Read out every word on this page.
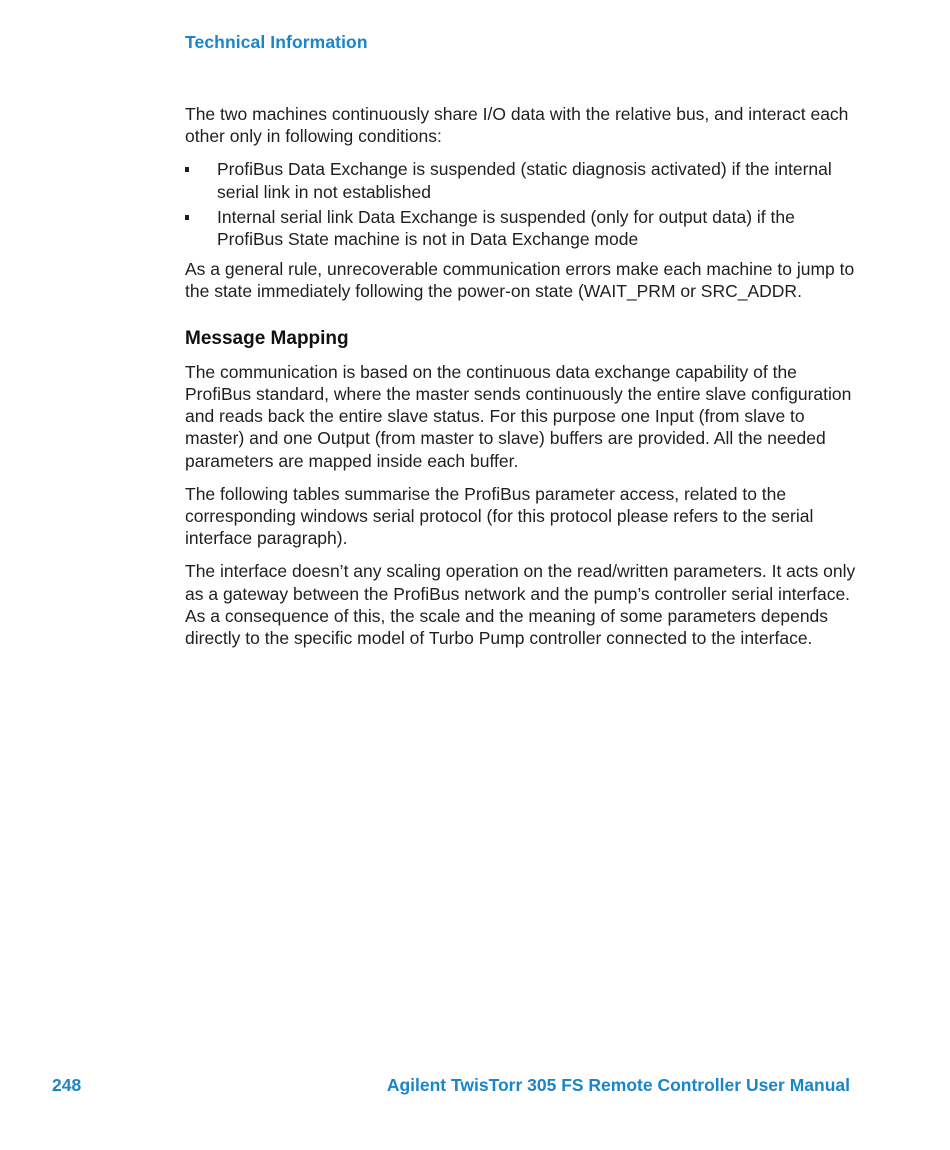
Technical Information

The two machines continuously share I/O data with the relative bus, and interact each other only in following conditions:

ProfiBus Data Exchange is suspended (static diagnosis activated) if the internal serial link in not established
Internal serial link Data Exchange is suspended (only for output data) if the ProfiBus State machine is not in Data Exchange mode

As a general rule, unrecoverable communication errors make each machine to jump to the state immediately following the power-on state (WAIT_PRM or SRC_ADDR.

Message Mapping

The communication is based on the continuous data exchange capability of the ProfiBus standard, where the master sends continuously the entire slave configuration and reads back the entire slave status. For this purpose one Input (from slave to master) and one Output (from master to slave) buffers are provided. All the needed parameters are mapped inside each buffer.

The following tables summarise the ProfiBus parameter access, related to the corresponding windows serial protocol (for this protocol please refers to the serial interface paragraph).

The interface doesn’t any scaling operation on the read/written parameters. It acts only as a gateway between the ProfiBus network and the pump’s controller serial interface. As a consequence of this, the scale and the meaning of some parameters depends directly to the specific model of Turbo Pump controller connected to the interface.

248	Agilent TwisTorr 305 FS Remote Controller User Manual
